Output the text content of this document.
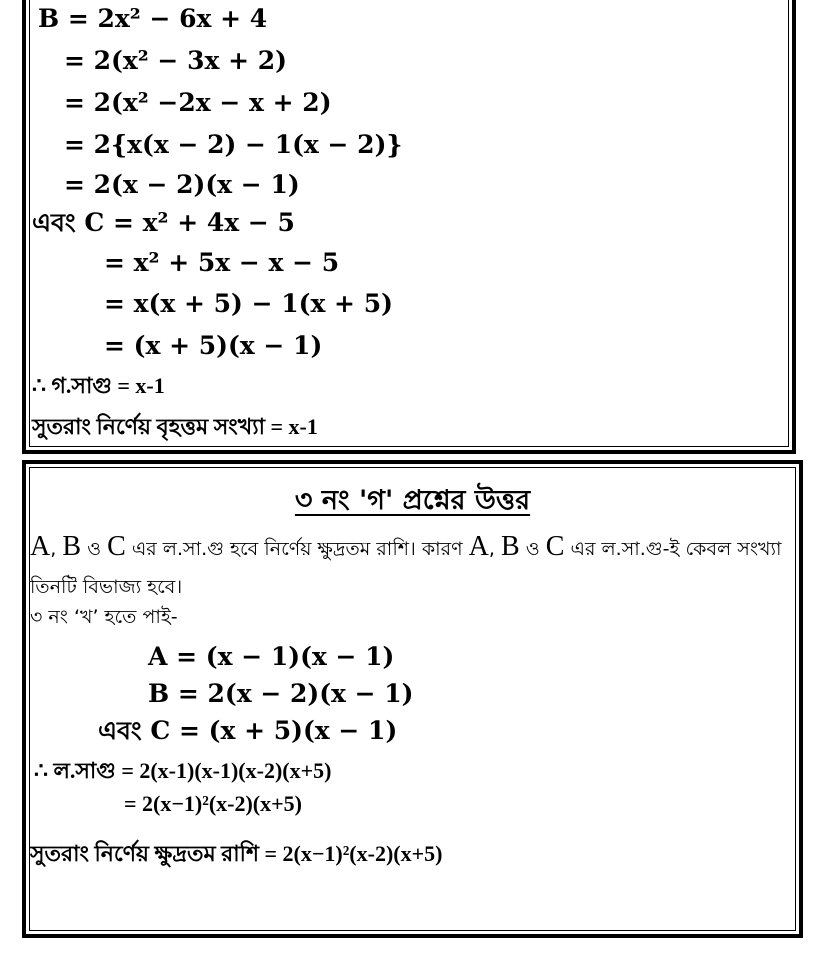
B = 2x² − 6x + 4
= 2(x² − 3x + 2)
= 2(x² −2x − x + 2)
= 2{x(x − 2) − 1(x − 2)}
= 2(x − 2)(x − 1)
এবং C = x² + 4x − 5
= x² + 5x − x − 5
= x(x + 5) − 1(x + 5)
= (x + 5)(x − 1)
∴ গ.সাগু = x-1
সুতরাং নির্ণেয় বৃহত্তম সংখ্যা = x-1
৩ নং 'গ' প্রশ্নের উত্তর
A, B ও C এর ল.স.গ হব নরয কদতম রশ। করণ A, B ও C এর ল.স.গ-ই কবল সখ তনট বভজ হব।
৩ নং ‘খ’ হতে পাই-
A = (x − 1)(x − 1)
B = 2(x − 2)(x − 1)
এবং C = (x + 5)(x − 1)
∴ ল.সাগু = 2(x-1)(x-1)(x-2)(x+5)
= 2(x−1)²(x-2)(x+5)
সুতরাং নির্ণেয় ক্ষুদ্রতম রাশি = 2(x−1)²(x-2)(x+5)
